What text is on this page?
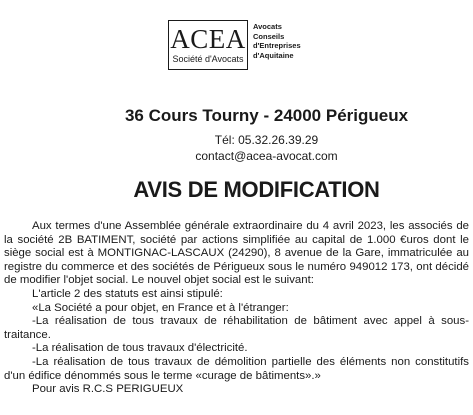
ACEA
Société d'Avocats
Avocats
Conseils
d'Entreprises
d'Aquitaine
36 Cours Tourny - 24000 Périgueux
Tél: 05.32.26.39.29
contact@acea-avocat.com
AVIS DE MODIFICATION

Aux termes d'une Assemblée générale extraordinaire du 4 avril 2023, les associés de la société 2B BATIMENT, société par actions simplifiée au capital de 1.000 €uros dont le siège social est à MONTIGNAC-LASCAUX (24290), 8 avenue de la Gare, immatriculée au registre du commerce et des sociétés de Périgueux sous le numéro 949012 173, ont décidé de modifier l'objet social. Le nouvel objet social est le suivant:

L'article 2 des statuts est ainsi stipulé:

«La Société a pour objet, en France et à l'étranger:

-La réalisation de tous travaux de réhabilitation de bâtiment avec appel à sous-traitance.

-La réalisation de tous travaux d'électricité.

-La réalisation de tous travaux de démolition partielle des éléments non constitutifs d'un édifice dénommés sous le terme «curage de bâtiments».»

Pour avis R.C.S PERIGUEUX
